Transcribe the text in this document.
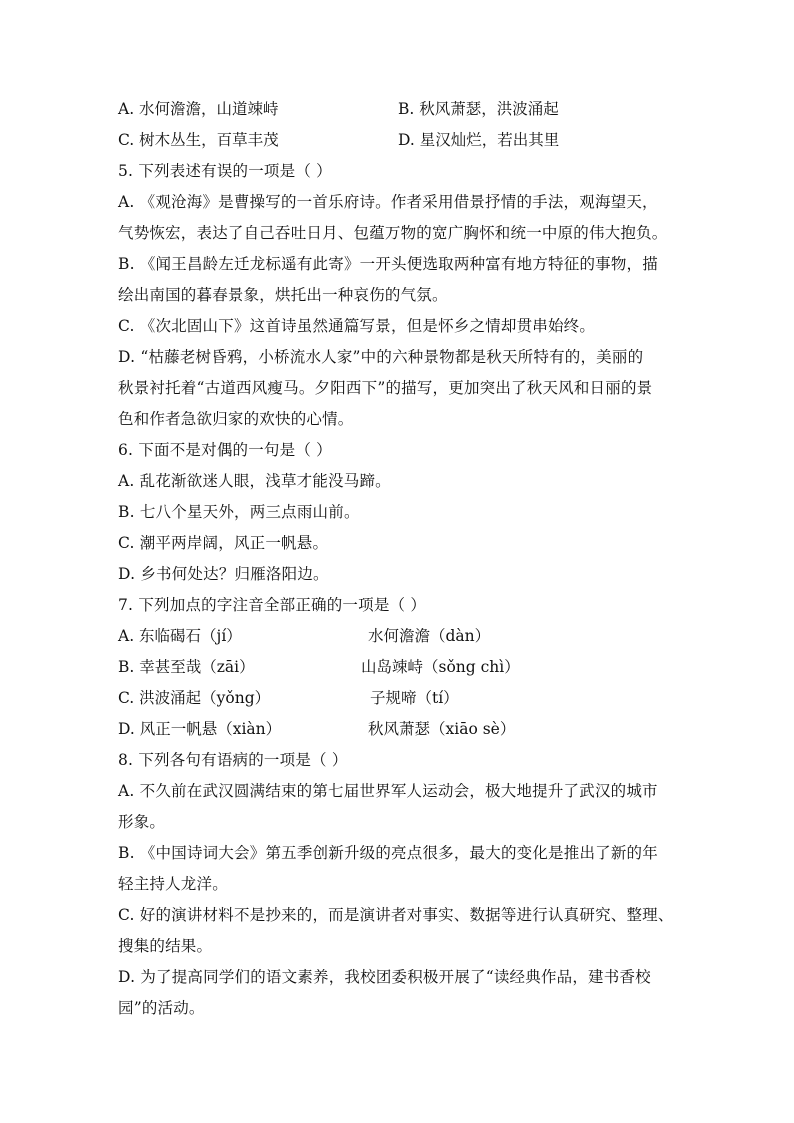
A. 水何澹澹，山道竦峙	B. 秋风萧瑟，洪波涌起
C. 树木丛生，百草丰茂	D. 星汉灿烂，若出其里
5. 下列表述有误的一项是（ ）
A. 《观沧海》是曹操写的一首乐府诗。作者采用借景抒情的手法，观海望天，
气势恢宏，表达了自己吞吐日月、包蕴万物的宽广胸怀和统一中原的伟大抱负。
B. 《闻王昌龄左迁龙标遥有此寄》一开头便选取两种富有地方特征的事物，描
绘出南国的暮春景象，烘托出一种哀伤的气氛。
C. 《次北固山下》这首诗虽然通篇写景，但是怀乡之情却贯串始终。
D. “枯藤老树昏鸦，小桥流水人家”中的六种景物都是秋天所特有的，美丽的
秋景衬托着“古道西风瘦马。夕阳西下”的描写，更加突出了秋天风和日丽的景
色和作者急欲归家的欢快的心情。
6. 下面不是对偶的一句是（ ）
A. 乱花渐欲迷人眼，浅草才能没马蹄。
B. 七八个星天外，两三点雨山前。
C. 潮平两岸阔，风正一帆悬。
D. 乡书何处达？归雁洛阳边。
7. 下列加点的字注音全部正确的一项是（ ）
A. 东临碣石（jí）	水何澹澹（dàn）
B. 幸甚至哉（zāi）	山岛竦峙（sǒng chì）
C. 洪波涌起（yǒng）	子规啼（tí）
D. 风正一帆悬（xiàn）	秋风萧瑟（xiāo sè）
8. 下列各句有语病的一项是（ ）
A. 不久前在武汉圆满结束的第七届世界军人运动会，极大地提升了武汉的城市
形象。
B. 《中国诗词大会》第五季创新升级的亮点很多，最大的变化是推出了新的年
轻主持人龙洋。
C. 好的演讲材料不是抄来的，而是演讲者对事实、数据等进行认真研究、整理、
搜集的结果。
D. 为了提高同学们的语文素养，我校团委积极开展了“读经典作品，建书香校
园”的活动。
